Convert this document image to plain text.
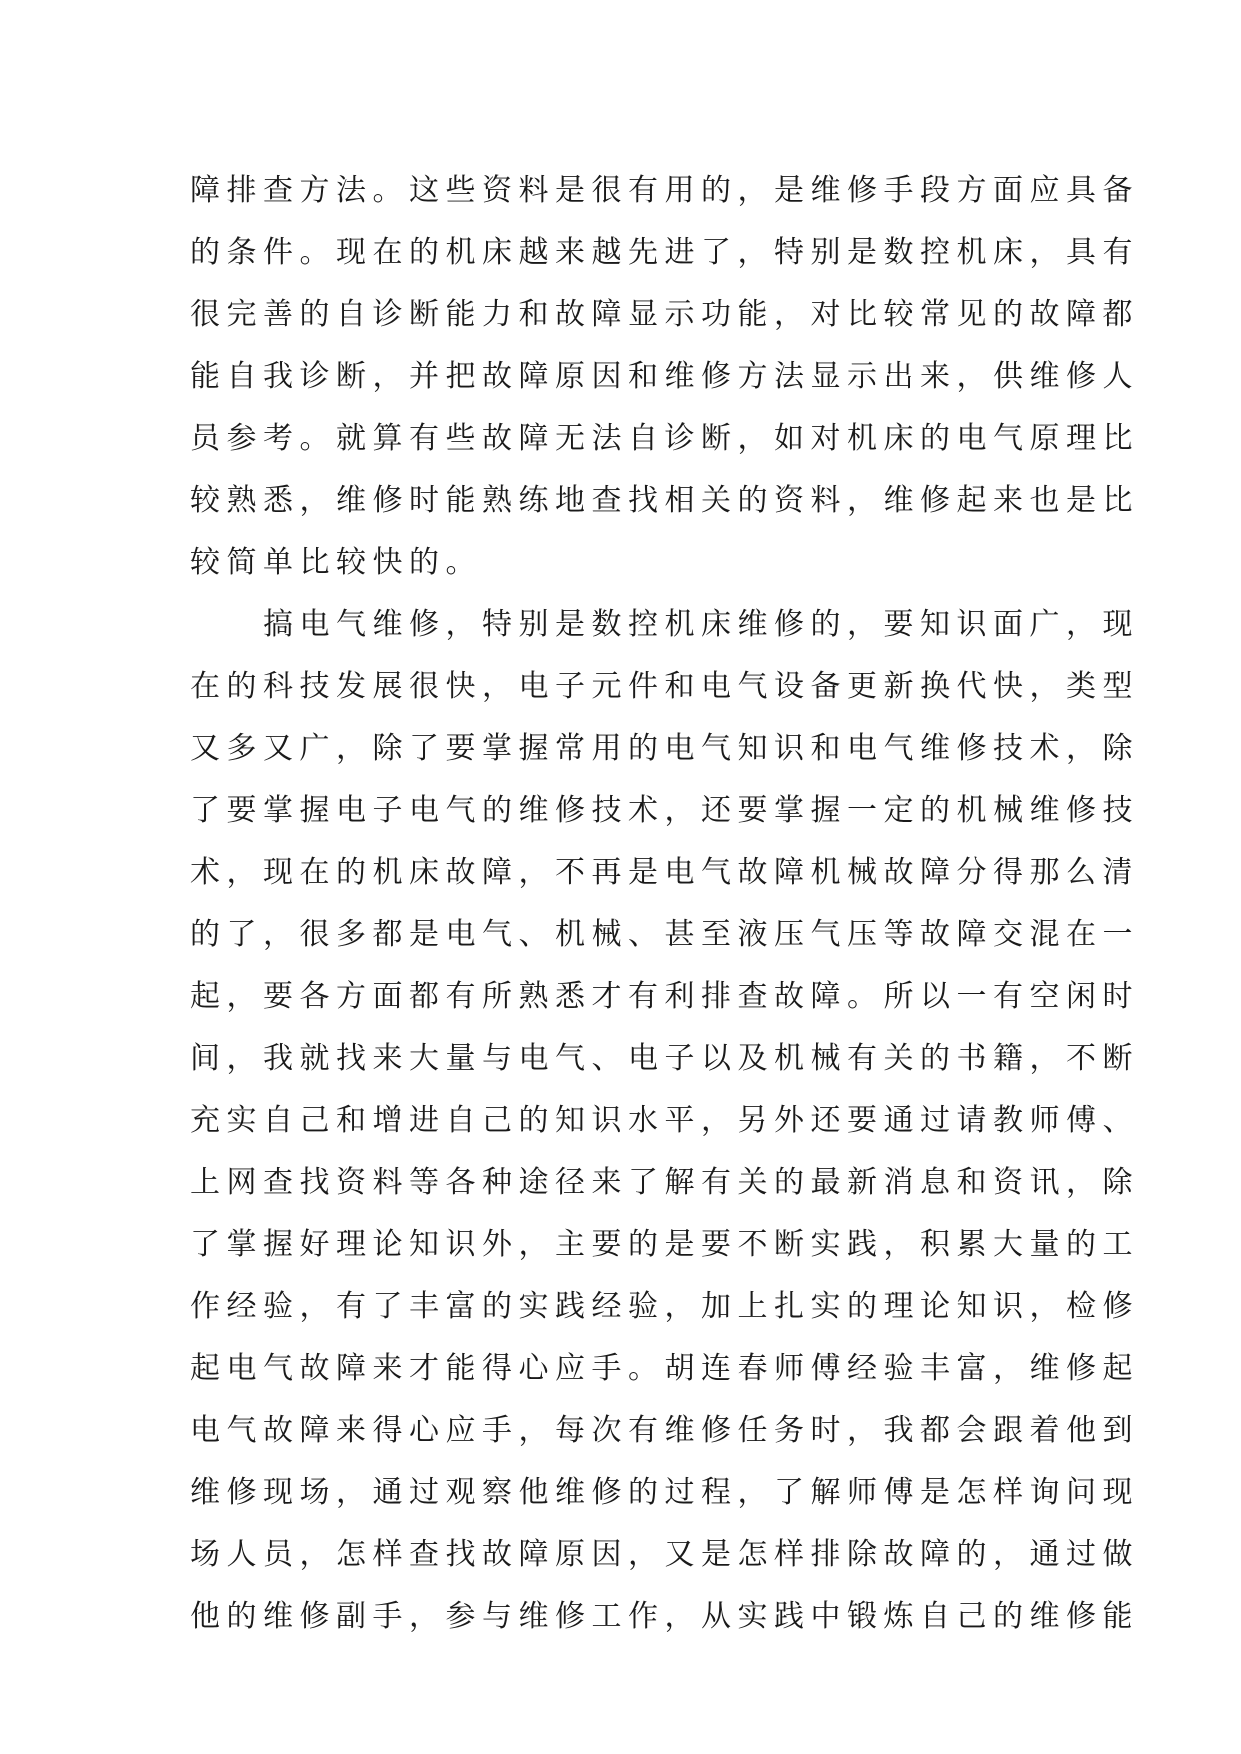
障排查方法。这些资料是很有用的，是维修手段方面应具备
的条件。现在的机床越来越先进了，特别是数控机床，具有
很完善的自诊断能力和故障显示功能，对比较常见的故障都
能自我诊断，并把故障原因和维修方法显示出来，供维修人
员参考。就算有些故障无法自诊断，如对机床的电气原理比
较熟悉，维修时能熟练地查找相关的资料，维修起来也是比
较简单比较快的。
　　搞电气维修，特别是数控机床维修的，要知识面广，现
在的科技发展很快，电子元件和电气设备更新换代快，类型
又多又广，除了要掌握常用的电气知识和电气维修技术，除
了要掌握电子电气的维修技术，还要掌握一定的机械维修技
术，现在的机床故障，不再是电气故障机械故障分得那么清
的了，很多都是电气、机械、甚至液压气压等故障交混在一
起，要各方面都有所熟悉才有利排查故障。所以一有空闲时
间，我就找来大量与电气、电子以及机械有关的书籍，不断
充实自己和增进自己的知识水平，另外还要通过请教师傅、
上网查找资料等各种途径来了解有关的最新消息和资讯，除
了掌握好理论知识外，主要的是要不断实践，积累大量的工
作经验，有了丰富的实践经验，加上扎实的理论知识，检修
起电气故障来才能得心应手。胡连春师傅经验丰富，维修起
电气故障来得心应手，每次有维修任务时，我都会跟着他到
维修现场，通过观察他维修的过程，了解师傅是怎样询问现
场人员，怎样查找故障原因，又是怎样排除故障的，通过做
他的维修副手，参与维修工作，从实践中锻炼自己的维修能
